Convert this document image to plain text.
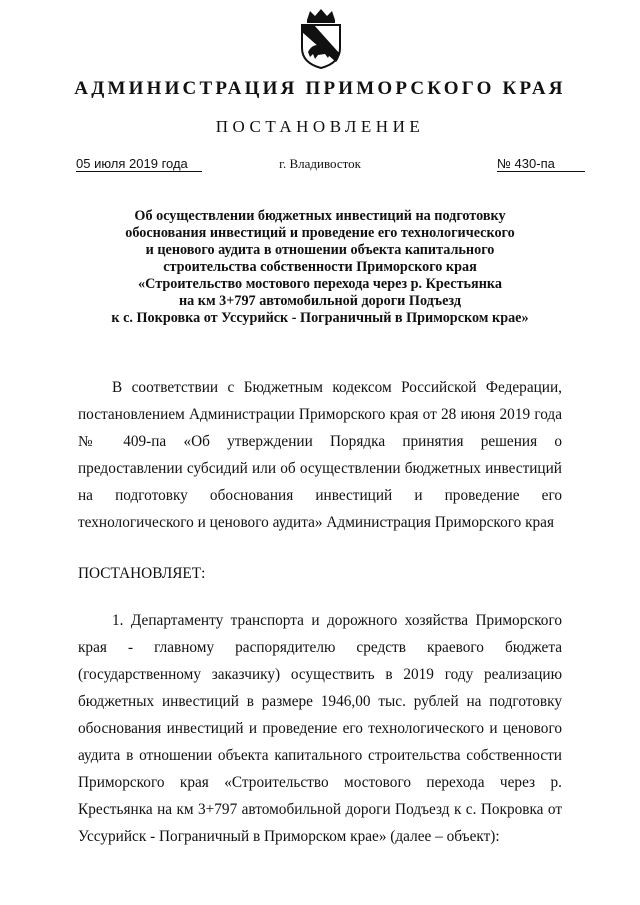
АДМИНИСТРАЦИЯ ПРИМОРСКОГО КРАЯ
ПОСТАНОВЛЕНИЕ
05 июля 2019 года	г. Владивосток	№ 430-па
Об осуществлении бюджетных инвестиций на подготовку
обоснования инвестиций и проведение его технологического
и ценового аудита в отношении объекта капитального
строительства собственности Приморского края
«Строительство мостового перехода через р. Крестьянка
на км 3+797 автомобильной дороги Подъезд
к с. Покровка от Уссурийск - Пограничный в Приморском крае»
В соответствии с Бюджетным кодексом Российской Федерации, постановлением Администрации Приморского края от 28 июня 2019 года № 409-па «Об утверждении Порядка принятия решения о предоставлении субсидий или об осуществлении бюджетных инвестиций на подготовку обоснования инвестиций и проведение его технологического и ценового аудита» Администрация Приморского края
ПОСТАНОВЛЯЕТ:
1. Департаменту транспорта и дорожного хозяйства Приморского края - главному распорядителю средств краевого бюджета (государственному заказчику) осуществить в 2019 году реализацию бюджетных инвестиций в размере 1946,00 тыс. рублей на подготовку обоснования инвестиций и проведение его технологического и ценового аудита в отношении объекта капитального строительства собственности Приморского края «Строительство мостового перехода через р. Крестьянка на км 3+797 автомобильной дороги Подъезд к с. Покровка от Уссурийск - Пограничный в Приморском крае» (далее – объект):
